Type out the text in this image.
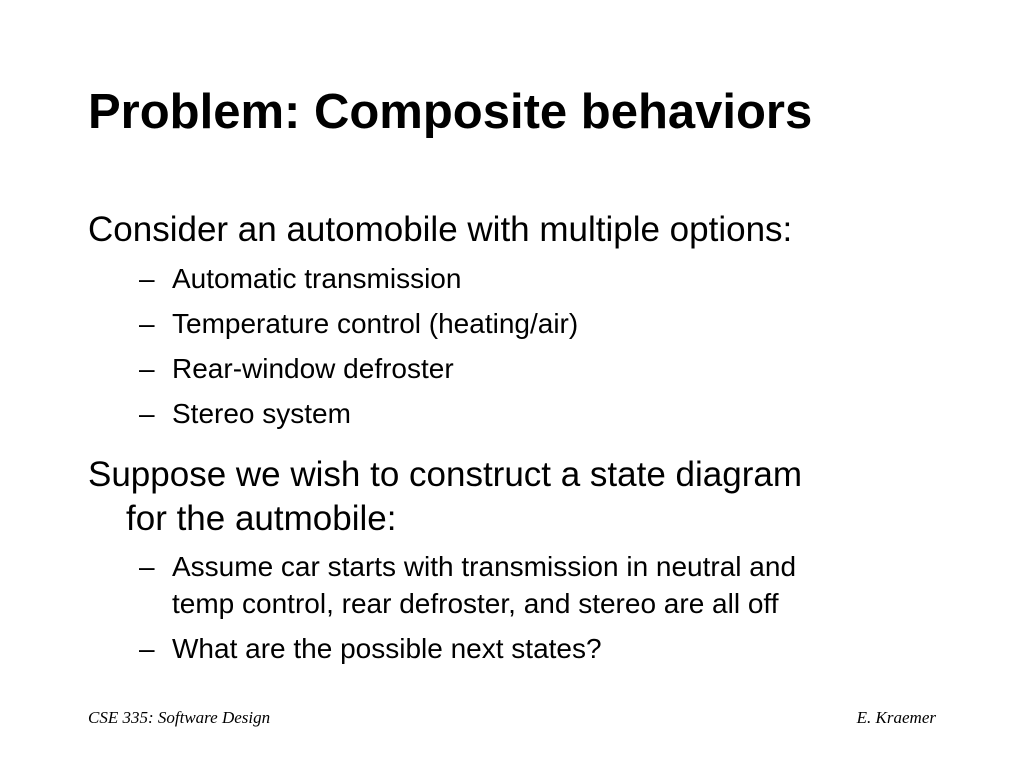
Problem: Composite behaviors

Consider an automobile with multiple options:

– Automatic transmission

– Temperature control (heating/air)

– Rear-window defroster

– Stereo system

Suppose we wish to construct a state diagram
for the autmobile:

– Assume car starts with transmission in neutral and
temp control, rear defroster, and stereo are all off

– What are the possible next states?

CSE 335: Software Design	E. Kraemer
